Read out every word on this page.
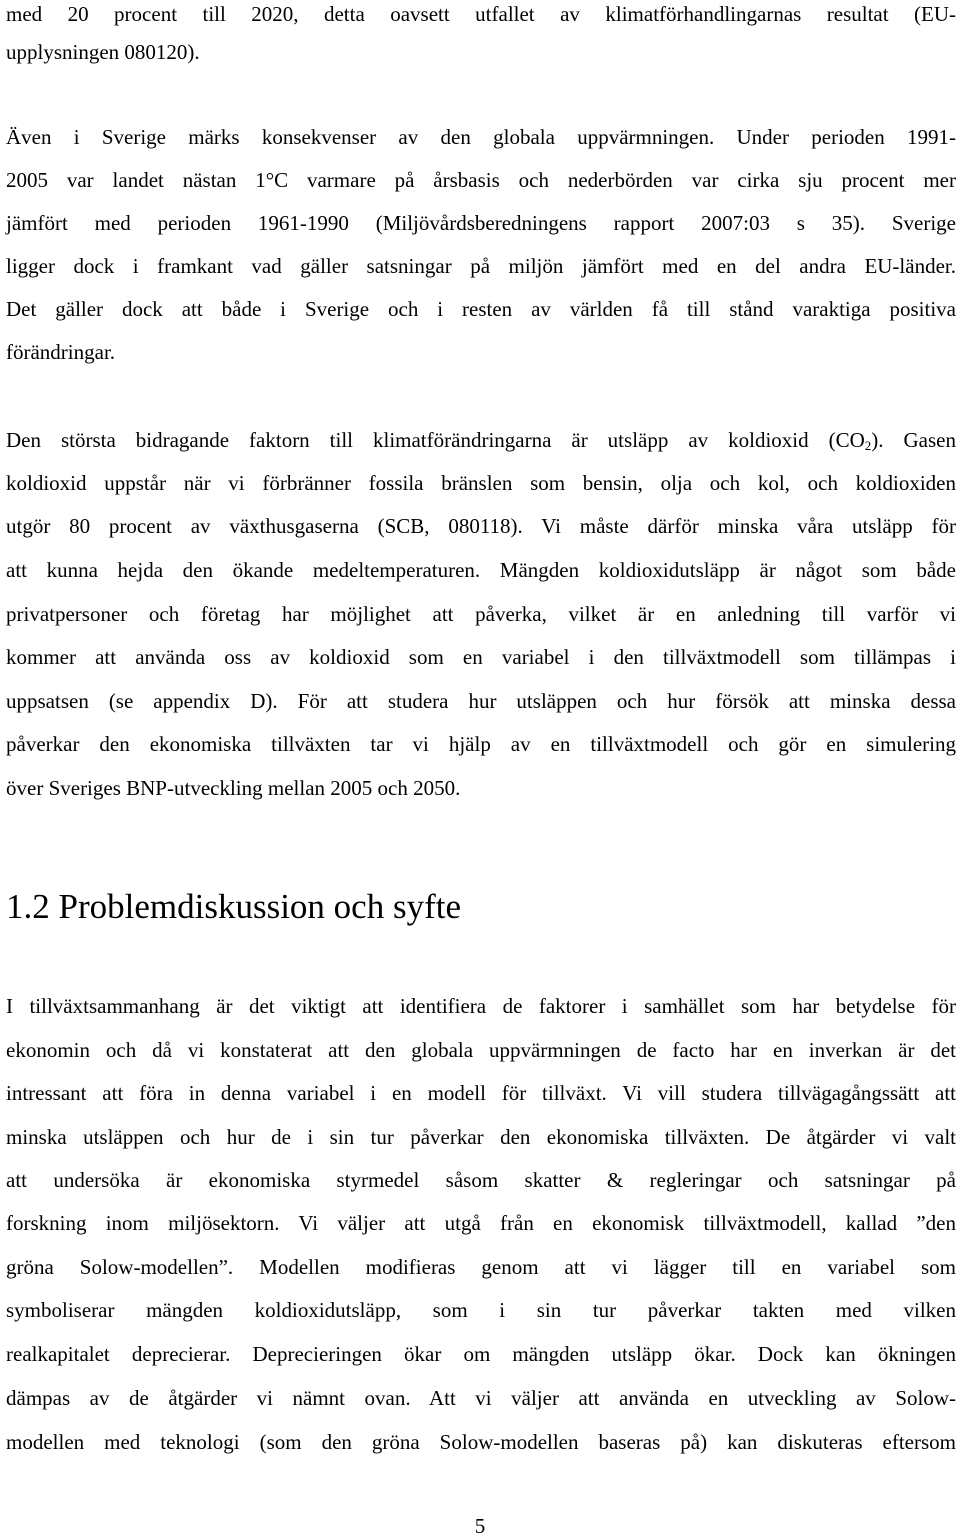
med 20 procent till 2020, detta oavsett utfallet av klimatförhandlingarnas resultat (EU-
upplysningen 080120).
Även i Sverige märks konsekvenser av den globala uppvärmningen. Under perioden 1991-
2005 var landet nästan 1°C varmare på årsbasis och nederbörden var cirka sju procent mer
jämfört med perioden 1961-1990 (Miljövårdsberedningens rapport 2007:03 s 35). Sverige
ligger dock i framkant vad gäller satsningar på miljön jämfört med en del andra EU-länder.
Det gäller dock att både i Sverige och i resten av världen få till stånd varaktiga positiva
förändringar.
Den största bidragande faktorn till klimatförändringarna är utsläpp av koldioxid $(CO_2)$. Gasen
koldioxid uppstår när vi förbränner fossila bränslen som bensin, olja och kol, och koldioxiden
utgör 80 procent av växthusgaserna (SCB, 080118). Vi måste därför minska våra utsläpp för
att kunna hejda den ökande medeltemperaturen. Mängden koldioxidutsläpp är något som både
privatpersoner och företag har möjlighet att påverka, vilket är en anledning till varför vi
kommer att använda oss av koldioxid som en variabel i den tillväxtmodell som tillämpas i
uppsatsen (se appendix D). För att studera hur utsläppen och hur försök att minska dessa
påverkar den ekonomiska tillväxten tar vi hjälp av en tillväxtmodell och gör en simulering
över Sveriges BNP-utveckling mellan 2005 och 2050.
1.2 Problemdiskussion och syfte
I tillväxtsammanhang är det viktigt att identifiera de faktorer i samhället som har betydelse för
ekonomin och då vi konstaterat att den globala uppvärmningen de facto har en inverkan är det
intressant att föra in denna variabel i en modell för tillväxt. Vi vill studera tillvägagångssätt att
minska utsläppen och hur de i sin tur påverkar den ekonomiska tillväxten. De åtgärder vi valt
att undersöka är ekonomiska styrmedel såsom skatter & regleringar och satsningar på
forskning inom miljösektorn. Vi väljer att utgå från en ekonomisk tillväxtmodell, kallad ”den
gröna Solow-modellen”. Modellen modifieras genom att vi lägger till en variabel som
symboliserar mängden koldioxidutsläpp, som i sin tur påverkar takten med vilken
realkapitalet deprecierar. Deprecieringen ökar om mängden utsläpp ökar. Dock kan ökningen
dämpas av de åtgärder vi nämnt ovan. Att vi väljer att använda en utveckling av Solow-
modellen med teknologi (som den gröna Solow-modellen baseras på) kan diskuteras eftersom
5
